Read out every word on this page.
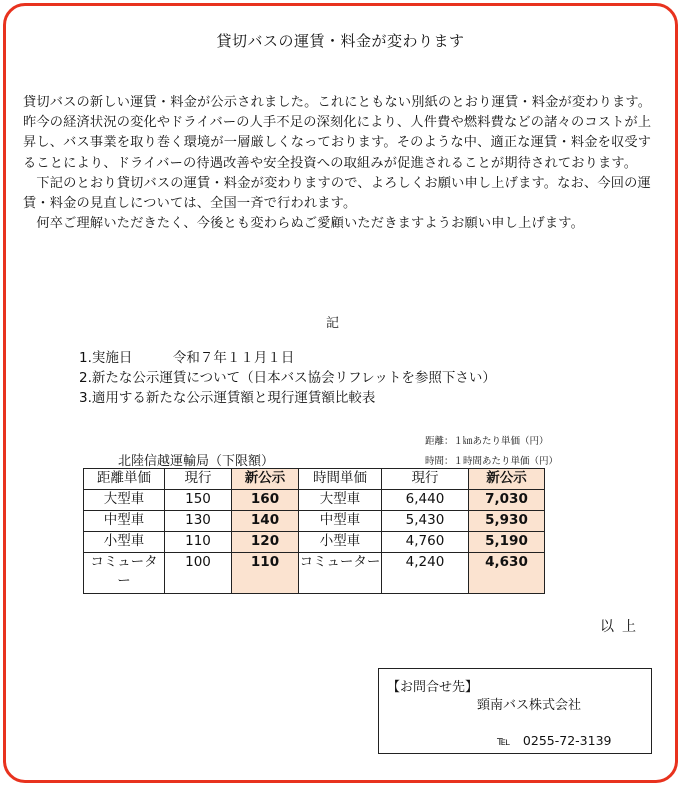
貸切バスの運賃・料金が変わります

貸切バスの新しい運賃・料金が公示されました。これにともない別紙のとおり運賃・料金が変わります。昨今の経済状況の変化やドライバーの人手不足の深刻化により、人件費や燃料費などの諸々のコストが上昇し、バス事業を取り巻く環境が一層厳しくなっております。そのような中、適正な運賃・料金を収受することにより、ドライバーの待遇改善や安全投資への取組みが促進されることが期待されております。

　下記のとおり貸切バスの運賃・料金が変わりますので、よろしくお願い申し上げます。なお、今回の運賃・料金の見直しについては、全国一斉で行われます。

　何卒ご理解いただきたく、今後とも変わらぬご愛顧いただきますようお願い申し上げます。

記
1.実施日　　　令和７年１１月１日
2.新たな公示運賃について（日本バス協会リフレットを参照下さい）
3.適用する新たな公示運賃額と現行運賃額比較表
距離：１㎞あたり単価（円）
時間：１時間あたり単価（円）
北陸信越運輸局（下限額）
距離単価	現行	新公示	時間単価	現行	新公示
大型車	150	160	大型車	6,440	7,030
中型車	130	140	中型車	5,430	5,930
小型車	110	120	小型車	4,760	5,190
コミューター	100	110	コミューター	4,240	4,630
以上
【お問合せ先】
頸南バス株式会社
℡　0255-72-3139
